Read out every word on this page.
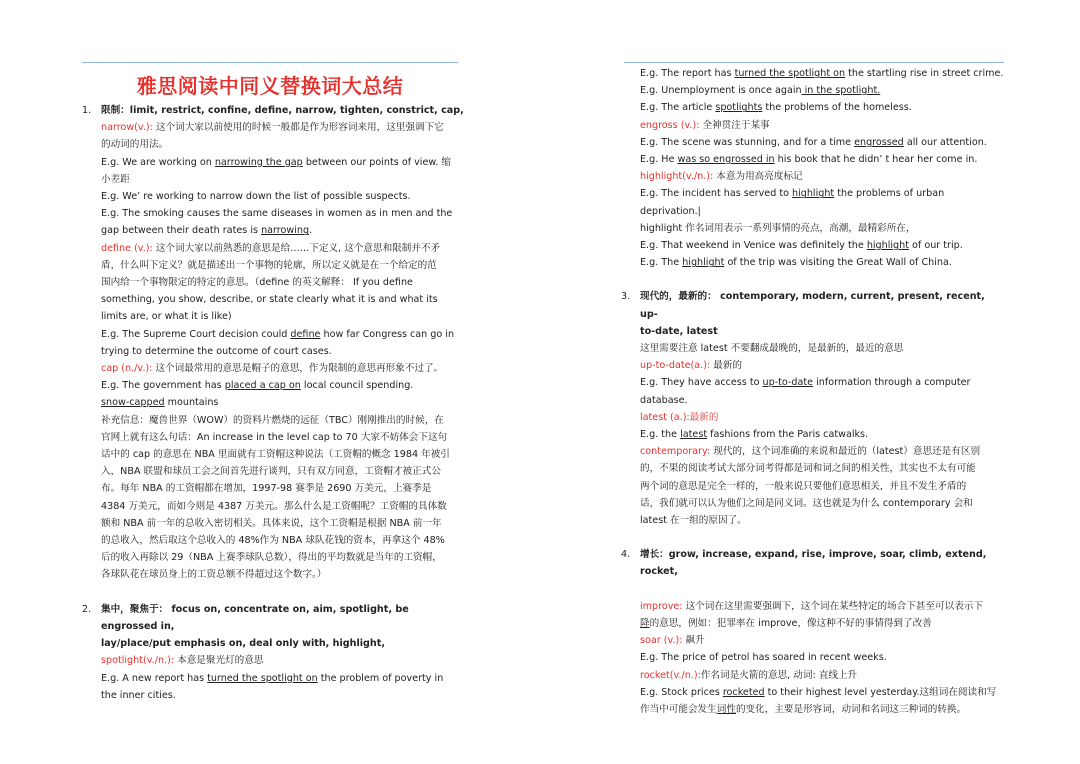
雅思阅读中同义替换词大总结
1. 限制：limit, restrict, confine, define, narrow, tighten, constrict, cap,

narrow(v.): 这个词大家以前使用的时候一般都是作为形容词来用，这里强调下它

的动词的用法。

E.g. We are working on narrowing the gap between our points of view. 缩

小差距

E.g. We’ re working to narrow down the list of possible suspects.

E.g. The smoking causes the same diseases in women as in men and the

gap between their death rates is narrowing.

define (v.): 这个词大家以前熟悉的意思是给……下定义, 这个意思和限制并不矛

盾，什么叫下定义？就是描述出一个事物的轮廓，所以定义就是在一个给定的范

围内给一个事物限定的特定的意思。（define 的英文解释： If you define

something, you show, describe, or state clearly what it is and what its

limits are, or what it is like)

E.g. The Supreme Court decision could define how far Congress can go in

trying to determine the outcome of court cases.

cap (n./v.): 这个词最常用的意思是帽子的意思，作为限制的意思再形象不过了。

E.g. The government has placed a cap on local council spending.

snow-capped mountains

补充信息：魔兽世界（WOW）的资料片燃烧的远征（TBC）刚刚推出的时候，在

官网上就有这么句话：An increase in the level cap to 70 大家不妨体会下这句

话中的 cap 的意思在 NBA 里面就有工资帽这种说法（工资帽的概念 1984 年被引

入，NBA 联盟和球员工会之间首先进行谈判，只有双方同意，工资帽才被正式公

布。每年 NBA 的工资帽都在增加，1997-98 赛季是 2690 万美元，上赛季是

4384 万美元，而如今则是 4387 万美元。那么什么是工资帽呢？工资帽的具体数

额和 NBA 前一年的总收入密切相关。具体来说，这个工资帽是根据 NBA 前一年

的总收入，然后取这个总收入的 48%作为 NBA 球队花钱的资本，再拿这个 48%

后的收入再除以 29（NBA 上赛季球队总数），得出的平均数就是当年的工资帽，

各球队花在球员身上的工资总额不得超过这个数字。）

2. 集中，聚焦于： focus on, concentrate on, aim, spotlight, be engrossed in,

lay/place/put emphasis on, deal only with, highlight,

spotlight(v./n.): 本意是聚光灯的意思

E.g. A new report has turned the spotlight on the problem of poverty in

the inner cities.

E.g. The report has turned the spotlight on the startling rise in street crime.

E.g. Unemployment is once again in the spotlight.

E.g. The article spotlights the problems of the homeless.

engross (v.): 全神贯注于某事

E.g. The scene was stunning, and for a time engrossed all our attention.

E.g. He was so engrossed in his book that he didn’ t hear her come in.

highlight(v./n.): 本意为用高亮度标记

E.g. The incident has served to highlight the problems of urban

deprivation.|

highlight 作名词用表示一系列事情的亮点，高潮，最精彩所在，

E.g. That weekend in Venice was definitely the highlight of our trip.

E.g. The highlight of the trip was visiting the Great Wall of China.

3. 现代的，最新的： contemporary, modern, current, present, recent, up-

to-date, latest

这里需要注意 latest 不要翻成最晚的，是最新的，最近的意思

up-to-date(a.): 最新的

E.g. They have access to up-to-date information through a computer

database.

latest (a.):最新的

E.g. the latest fashions from the Paris catwalks.

contemporary: 现代的，这个词准确的来说和最近的（latest）意思还是有区别

的，不果的阅读考试大部分词考得都是词和词之间的相关性，其实也不太有可能

两个词的意思是完全一样的，一般来说只要他们意思相关，并且不发生矛盾的

话，我们就可以认为他们之间是同义词。这也就是为什么 contemporary 会和

latest 在一组的原因了。

4. 增长：grow, increase, expand, rise, improve, soar, climb, extend, rocket,

improve: 这个词在这里需要强调下，这个词在某些特定的场合下甚至可以表示下

降的意思，例如：犯罪率在 improve，像这种不好的事情得到了改善

soar (v.): 飙升

E.g. The price of petrol has soared in recent weeks.

rocket(v./n.):作名词是火箭的意思, 动词: 直线上升

E.g. Stock prices rocketed to their highest level yesterday.这组词在阅读和写

作当中可能会发生词性的变化，主要是形容词，动词和名词这三种词的转换。
